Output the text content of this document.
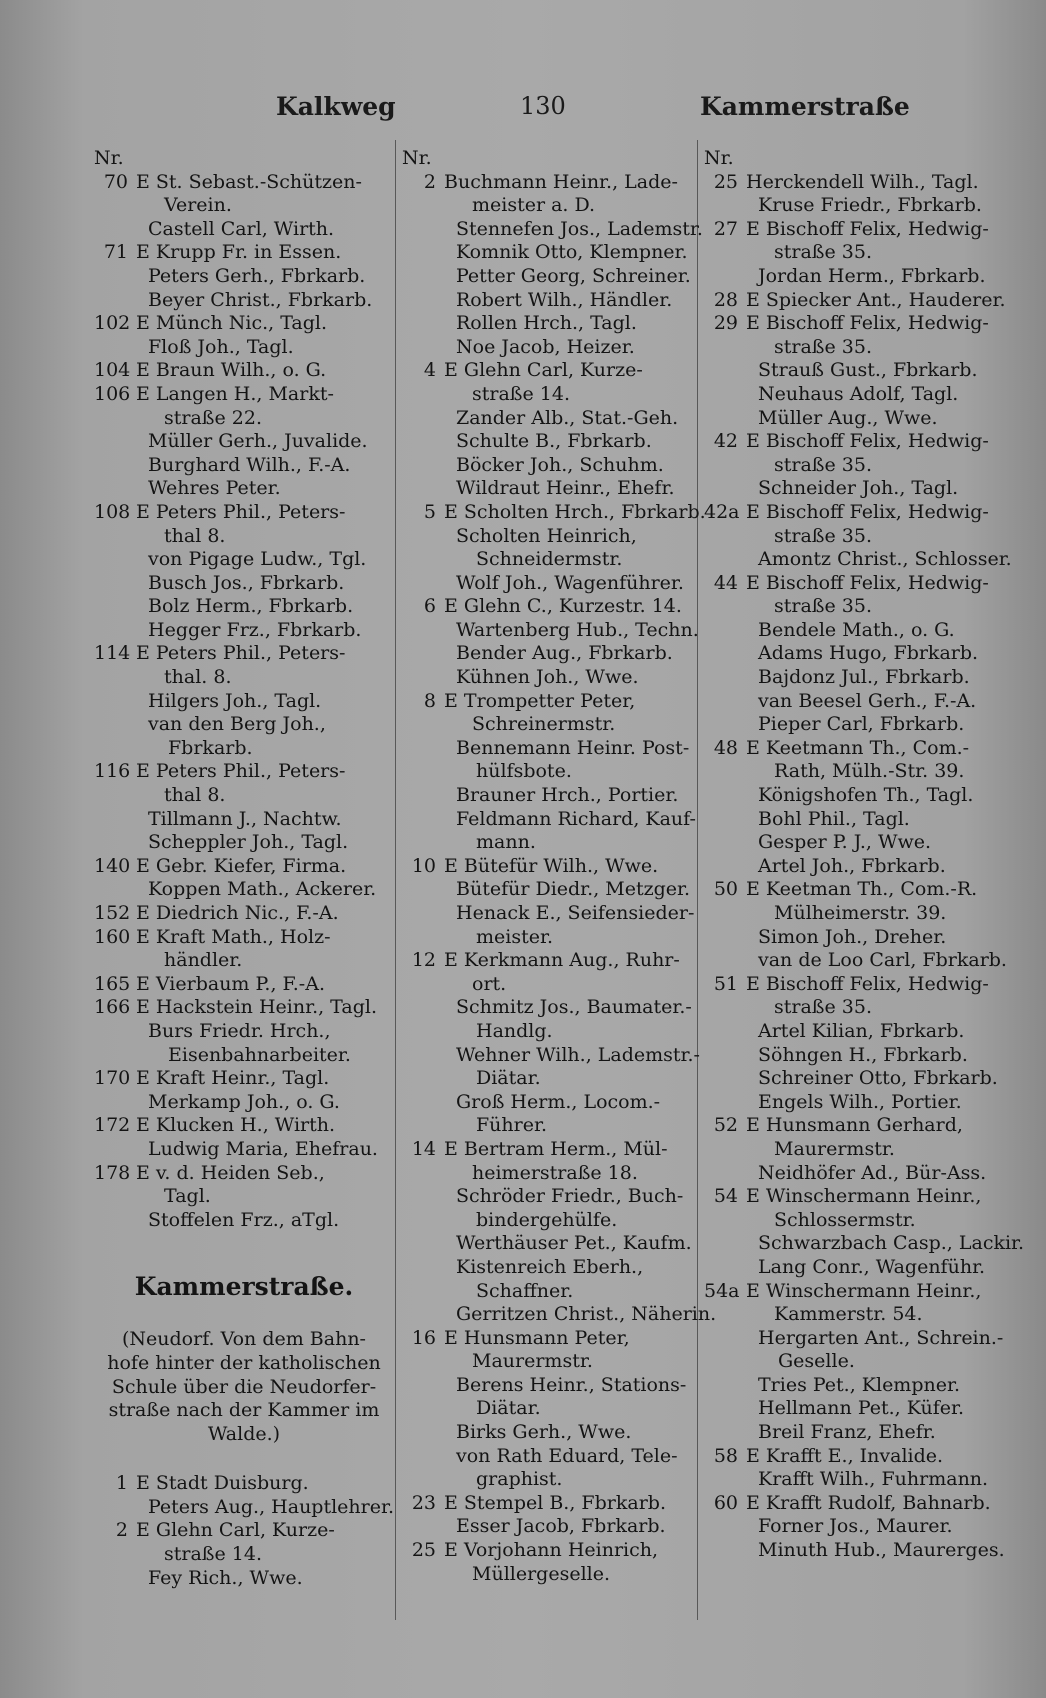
Kalkweg	130	Kammerstraße
Nr.
70 E St. Sebast.-Schützen-
Verein.
Castell Carl, Wirth.
71 E Krupp Fr. in Essen.
Peters Gerh., Fbrkarb.
Beyer Christ., Fbrkarb.
102 E Münch Nic., Tagl.
Floß Joh., Tagl.
104 E Braun Wilh., o. G.
106 E Langen H., Markt-
straße 22.
Müller Gerh., Juvalide.
Burghard Wilh., F.-A.
Wehres Peter.
108 E Peters Phil., Peters-
thal 8.
von Pigage Ludw., Tgl.
Busch Jos., Fbrkarb.
Bolz Herm., Fbrkarb.
Hegger Frz., Fbrkarb.
114 E Peters Phil., Peters-
thal. 8.
Hilgers Joh., Tagl.
van den Berg Joh.,
Fbrkarb.
116 E Peters Phil., Peters-
thal 8.
Tillmann J., Nachtw.
Scheppler Joh., Tagl.
140 E Gebr. Kiefer, Firma.
Koppen Math., Ackerer.
152 E Diedrich Nic., F.-A.
160 E Kraft Math., Holz-
händler.
165 E Vierbaum P., F.-A.
166 E Hackstein Heinr., Tagl.
Burs Friedr. Hrch.,
Eisenbahnarbeiter.
170 E Kraft Heinr., Tagl.
Merkamp Joh., o. G.
172 E Klucken H., Wirth.
Ludwig Maria, Ehefrau.
178 E v. d. Heiden Seb.,
Tagl.
Stoffelen Frz., aTgl.
Kammerstraße.
(Neudorf. Von dem Bahn-
hofe hinter der katholischen
Schule über die Neudorfer-
straße nach der Kammer im
Walde.)
1 E Stadt Duisburg.
Peters Aug., Hauptlehrer.
2 E Glehn Carl, Kurze-
straße 14.
Fey Rich., Wwe.
Nr.
2 Buchmann Heinr., Lade-
meister a. D.
Stennefen Jos., Lademstr.
Komnik Otto, Klempner.
Petter Georg, Schreiner.
Robert Wilh., Händler.
Rollen Hrch., Tagl.
Noe Jacob, Heizer.
4 E Glehn Carl, Kurze-
straße 14.
Zander Alb., Stat.-Geh.
Schulte B., Fbrkarb.
Böcker Joh., Schuhm.
Wildraut Heinr., Ehefr.
5 E Scholten Hrch., Fbrkarb.
Scholten Heinrich,
Schneidermstr.
Wolf Joh., Wagenführer.
6 E Glehn C., Kurzestr. 14.
Wartenberg Hub., Techn.
Bender Aug., Fbrkarb.
Kühnen Joh., Wwe.
8 E Trompetter Peter,
Schreinermstr.
Bennemann Heinr. Post-
hülfsbote.
Brauner Hrch., Portier.
Feldmann Richard, Kauf-
mann.
10 E Bütefür Wilh., Wwe.
Bütefür Diedr., Metzger.
Henack E., Seifensieder-
meister.
12 E Kerkmann Aug., Ruhr-
ort.
Schmitz Jos., Baumater.-
Handlg.
Wehner Wilh., Lademstr.-
Diätar.
Groß Herm., Locom.-
Führer.
14 E Bertram Herm., Mül-
heimerstraße 18.
Schröder Friedr., Buch-
bindergehülfe.
Werthäuser Pet., Kaufm.
Kistenreich Eberh.,
Schaffner.
Gerritzen Christ., Näherin.
16 E Hunsmann Peter,
Maurermstr.
Berens Heinr., Stations-
Diätar.
Birks Gerh., Wwe.
von Rath Eduard, Tele-
graphist.
23 E Stempel B., Fbrkarb.
Esser Jacob, Fbrkarb.
25 E Vorjohann Heinrich,
Müllergeselle.
Nr.
25 Herckendell Wilh., Tagl.
Kruse Friedr., Fbrkarb.
27 E Bischoff Felix, Hedwig-
straße 35.
Jordan Herm., Fbrkarb.
28 E Spiecker Ant., Hauderer.
29 E Bischoff Felix, Hedwig-
straße 35.
Strauß Gust., Fbrkarb.
Neuhaus Adolf, Tagl.
Müller Aug., Wwe.
42 E Bischoff Felix, Hedwig-
straße 35.
Schneider Joh., Tagl.
42a E Bischoff Felix, Hedwig-
straße 35.
Amontz Christ., Schlosser.
44 E Bischoff Felix, Hedwig-
straße 35.
Bendele Math., o. G.
Adams Hugo, Fbrkarb.
Bajdonz Jul., Fbrkarb.
van Beesel Gerh., F.-A.
Pieper Carl, Fbrkarb.
48 E Keetmann Th., Com.-
Rath, Mülh.-Str. 39.
Königshofen Th., Tagl.
Bohl Phil., Tagl.
Gesper P. J., Wwe.
Artel Joh., Fbrkarb.
50 E Keetman Th., Com.-R.
Mülheimerstr. 39.
Simon Joh., Dreher.
van de Loo Carl, Fbrkarb.
51 E Bischoff Felix, Hedwig-
straße 35.
Artel Kilian, Fbrkarb.
Söhngen H., Fbrkarb.
Schreiner Otto, Fbrkarb.
Engels Wilh., Portier.
52 E Hunsmann Gerhard,
Maurermstr.
Neidhöfer Ad., Bür-Ass.
54 E Winschermann Heinr.,
Schlossermstr.
Schwarzbach Casp., Lackir.
Lang Conr., Wagenführ.
54a E Winschermann Heinr.,
Kammerstr. 54.
Hergarten Ant., Schrein.-
Geselle.
Tries Pet., Klempner.
Hellmann Pet., Küfer.
Breil Franz, Ehefr.
58 E Krafft E., Invalide.
Krafft Wilh., Fuhrmann.
60 E Krafft Rudolf, Bahnarb.
Forner Jos., Maurer.
Minuth Hub., Maurerges.
